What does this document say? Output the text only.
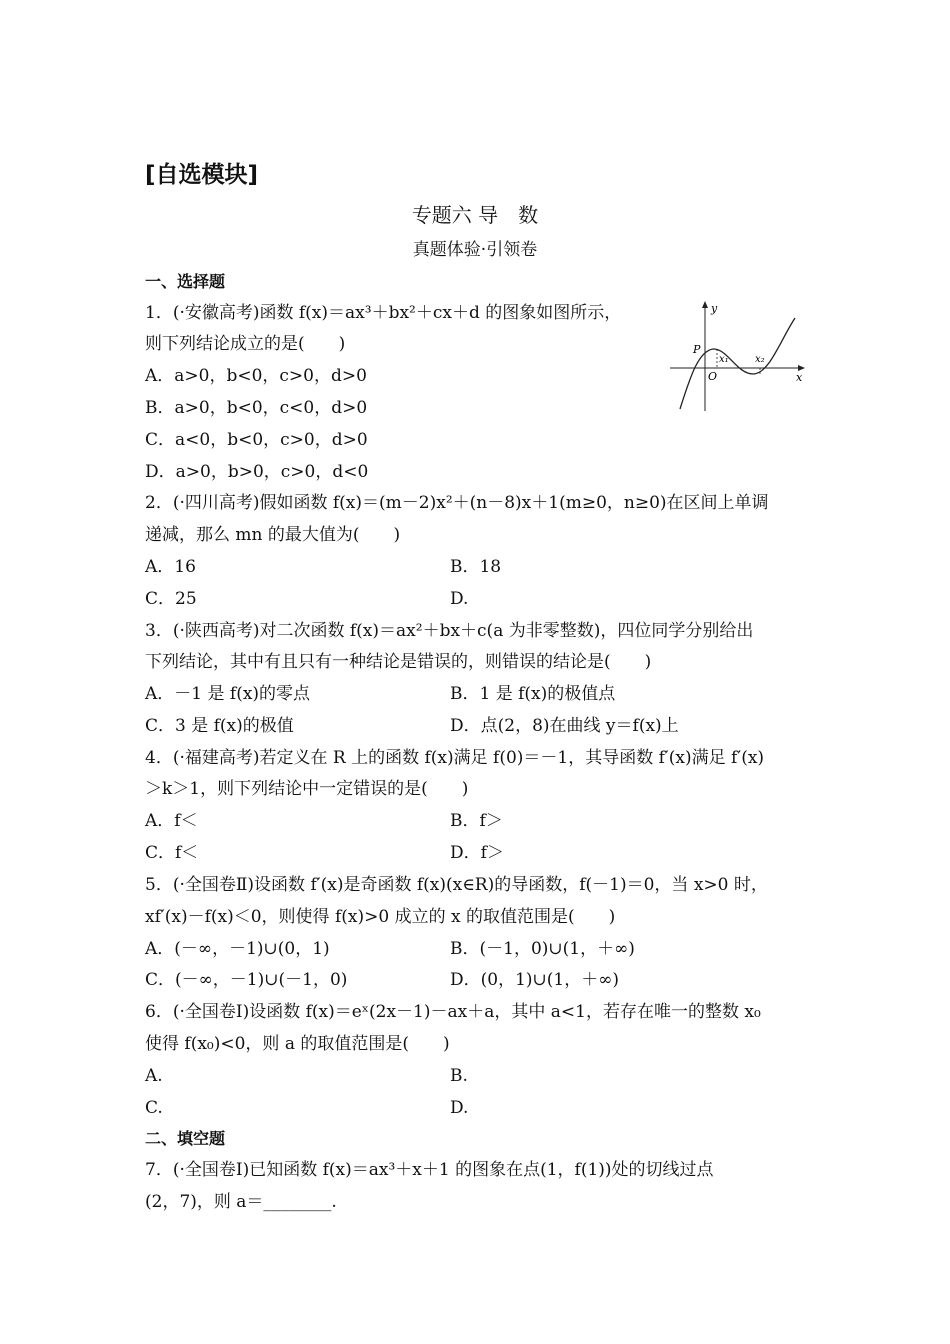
[自选模块]
专题六 导　数
真题体验·引领卷
一、选择题
1．(·安徽高考)函数 f(x)＝ax³＋bx²＋cx＋d 的图象如图所示，
则下列结论成立的是(　　)
A．a>0，b<0，c>0，d>0
B．a>0，b<0，c<0，d>0
C．a<0，b<0，c>0，d>0
D．a>0，b>0，c>0，d<0
y
x
P
O
x₁	x₂
2．(·四川高考)假如函数 f(x)＝(m－2)x²＋(n－8)x＋1(m≥0，n≥0)在区间上单调
递减，那么 mn 的最大值为(　　)
A．16	B．18
C．25	D.
3．(·陕西高考)对二次函数 f(x)＝ax²＋bx＋c(a 为非零整数)，四位同学分别给出
下列结论，其中有且只有一种结论是错误的，则错误的结论是(　　)
A．－1 是 f(x)的零点	B．1 是 f(x)的极值点
C．3 是 f(x)的极值	D．点(2，8)在曲线 y＝f(x)上
4．(·福建高考)若定义在 R 上的函数 f(x)满足 f(0)＝－1，其导函数 f′(x)满足 f′(x)
＞k＞1，则下列结论中一定错误的是(　　)
A．f＜	B．f＞
C．f＜	D．f＞
5．(·全国卷Ⅱ)设函数 f′(x)是奇函数 f(x)(x∈R)的导函数，f(－1)＝0，当 x>0 时，
xf′(x)－f(x)＜0，则使得 f(x)>0 成立的 x 的取值范围是(　　)
A．(－∞，－1)∪(0，1)	B．(－1，0)∪(1，＋∞)
C．(－∞，－1)∪(－1，0)	D．(0，1)∪(1，＋∞)
6．(·全国卷Ⅰ)设函数 f(x)＝eˣ(2x－1)－ax＋a，其中 a<1，若存在唯一的整数 x₀
使得 f(x₀)<0，则 a 的取值范围是(　　)
A.	B.
C.	D.
二、填空题
7．(·全国卷Ⅰ)已知函数 f(x)＝ax³＋x＋1 的图象在点(1，f(1))处的切线过点
(2，7)，则 a＝________.
